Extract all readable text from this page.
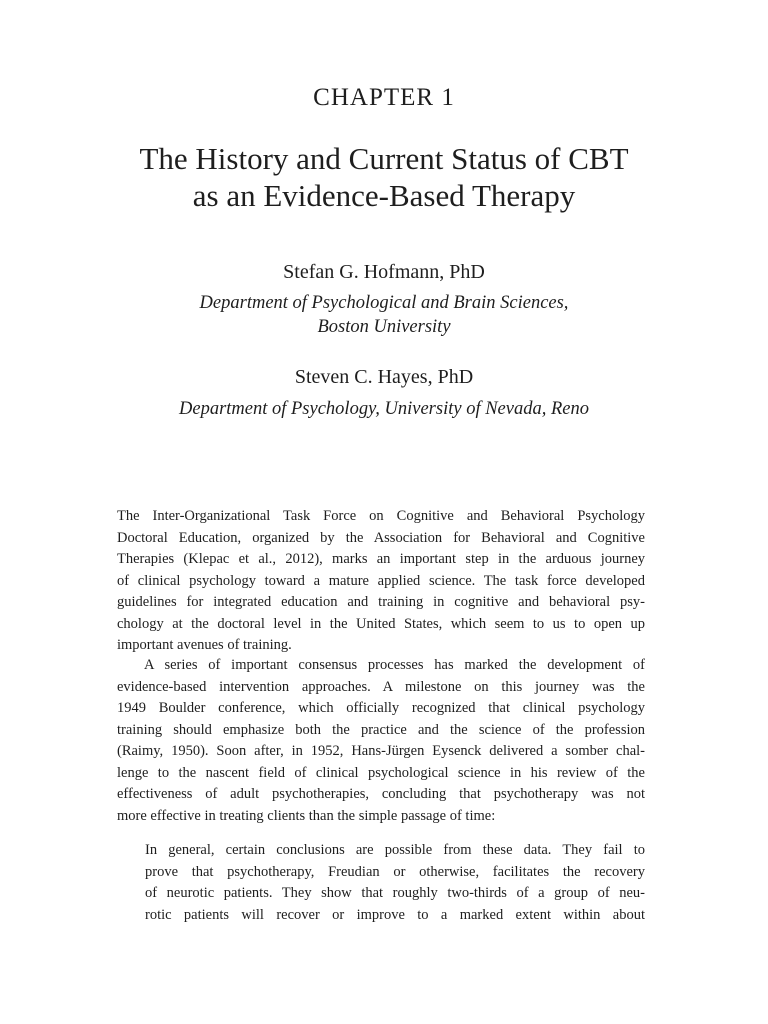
CHAPTER 1
The History and Current Status of CBT
as an Evidence-Based Therapy
Stefan G. Hofmann, PhD
Department of Psychological and Brain Sciences,
Boston University
Steven C. Hayes, PhD
Department of Psychology, University of Nevada, Reno
The Inter-Organizational Task Force on Cognitive and Behavioral Psychology
Doctoral Education, organized by the Association for Behavioral and Cognitive
Therapies (Klepac et al., 2012), marks an important step in the arduous journey
of clinical psychology toward a mature applied science. The task force developed
guidelines for integrated education and training in cognitive and behavioral psy-
chology at the doctoral level in the United States, which seem to us to open up
important avenues of training.
A series of important consensus processes has marked the development of
evidence-based intervention approaches. A milestone on this journey was the
1949 Boulder conference, which officially recognized that clinical psychology
training should emphasize both the practice and the science of the profession
(Raimy, 1950). Soon after, in 1952, Hans-Jürgen Eysenck delivered a somber chal-
lenge to the nascent field of clinical psychological science in his review of the
effectiveness of adult psychotherapies, concluding that psychotherapy was not
more effective in treating clients than the simple passage of time:
In general, certain conclusions are possible from these data. They fail to
prove that psychotherapy, Freudian or otherwise, facilitates the recovery
of neurotic patients. They show that roughly two-thirds of a group of neu-
rotic patients will recover or improve to a marked extent within about
